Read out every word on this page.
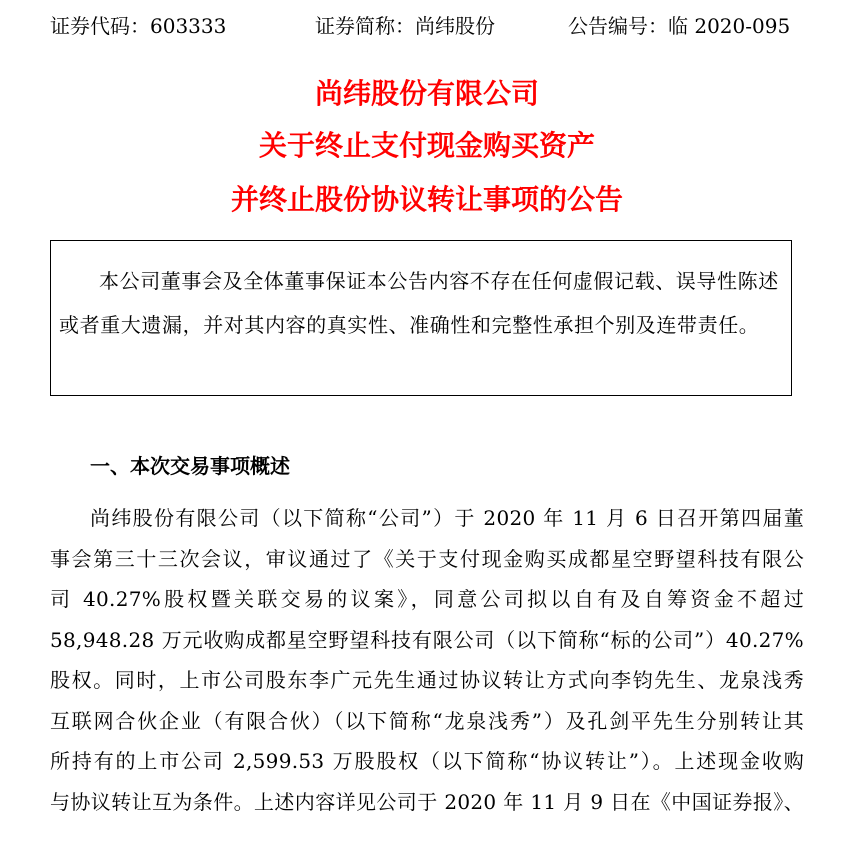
证券代码：603333	证券简称：尚纬股份	公告编号：临 2020-095
尚纬股份有限公司
关于终止支付现金购买资产
并终止股份协议转让事项的公告

本公司董事会及全体董事保证本公告内容不存在任何虚假记载、误导性陈述或者重大遗漏，并对其内容的真实性、准确性和完整性承担个别及连带责任。

一、本次交易事项概述
尚纬股份有限公司（以下简称“公司”）于 2020 年 11 月 6 日召开第四届董
事会第三十三次会议，审议通过了《关于支付现金购买成都星空野望科技有限公
司 40.27%股权暨关联交易的议案》，同意公司拟以自有及自筹资金不超过
58,948.28 万元收购成都星空野望科技有限公司（以下简称“标的公司”）40.27%
股权。同时，上市公司股东李广元先生通过协议转让方式向李钧先生、龙泉浅秀
互联网合伙企业（有限合伙）（以下简称“龙泉浅秀”）及孔剑平先生分别转让其
所持有的上市公司 2,599.53 万股股权（以下简称“协议转让”）。上述现金收购
与协议转让互为条件。上述内容详见公司于 2020 年 11 月 9 日在《中国证券报》、
